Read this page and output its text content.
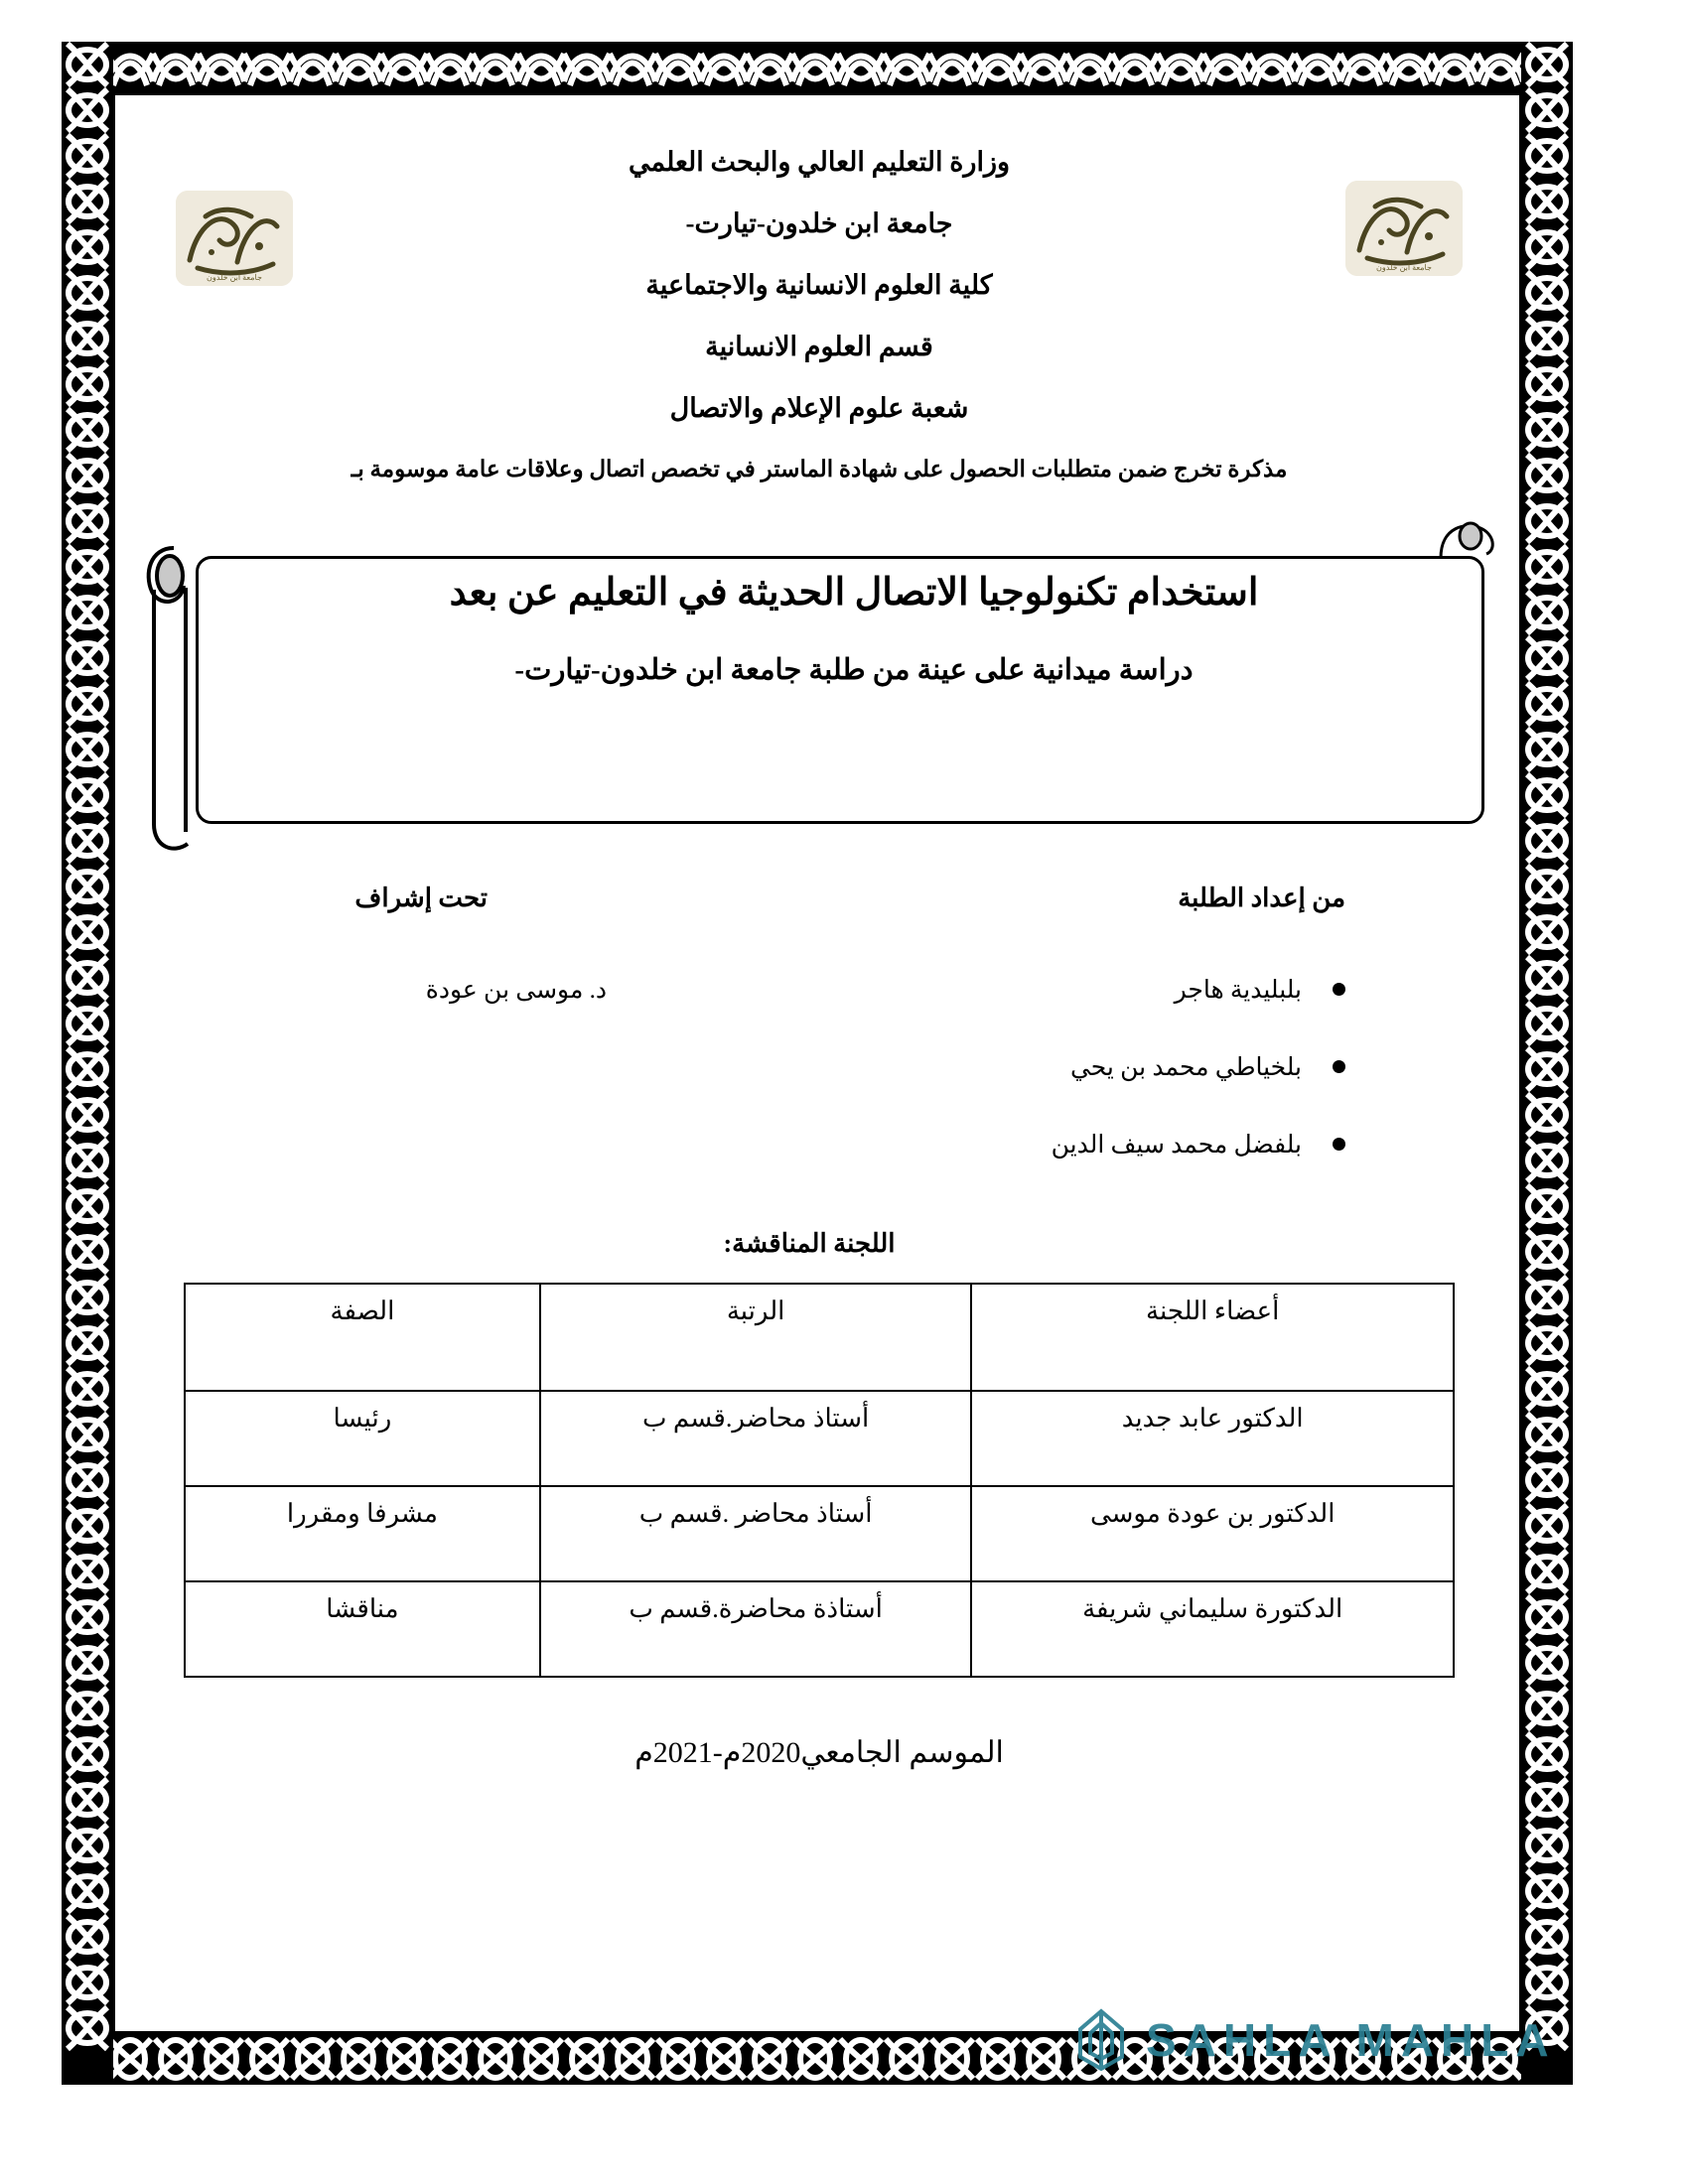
جامعة ابن خلدون
جامعة ابن خلدون

وزارة التعليم العالي والبحث العلمي

جامعة ابن خلدون-تيارت-

كلية العلوم الانسانية والاجتماعية

قسم العلوم الانسانية

شعبة علوم الإعلام والاتصال

مذكرة تخرج ضمن متطلبات الحصول على شهادة الماستر في تخصص اتصال وعلاقات عامة موسومة بـ

استخدام تكنولوجيا الاتصال الحديثة في التعليم عن بعد

دراسة ميدانية على عينة من طلبة جامعة ابن خلدون-تيارت-

من إعداد الطلبة

بلبليدية هاجر
بلخياطي محمد بن يحي
بلفضل محمد سيف الدين

تحت إشراف

د. موسى بن عودة

اللجنة المناقشة:

أعضاء اللجنة	الرتبة	الصفة
الدكتور عابد جديد	أستاذ محاضر.قسم ب	رئيسا
الدكتور بن عودة موسى	أستاذ محاضر .قسم ب	مشرفا ومقررا
الدكتورة سليماني شريفة	أستاذة محاضرة.قسم ب	مناقشا

الموسم الجامعي2020م-2021م

SAHLA MAHLA
